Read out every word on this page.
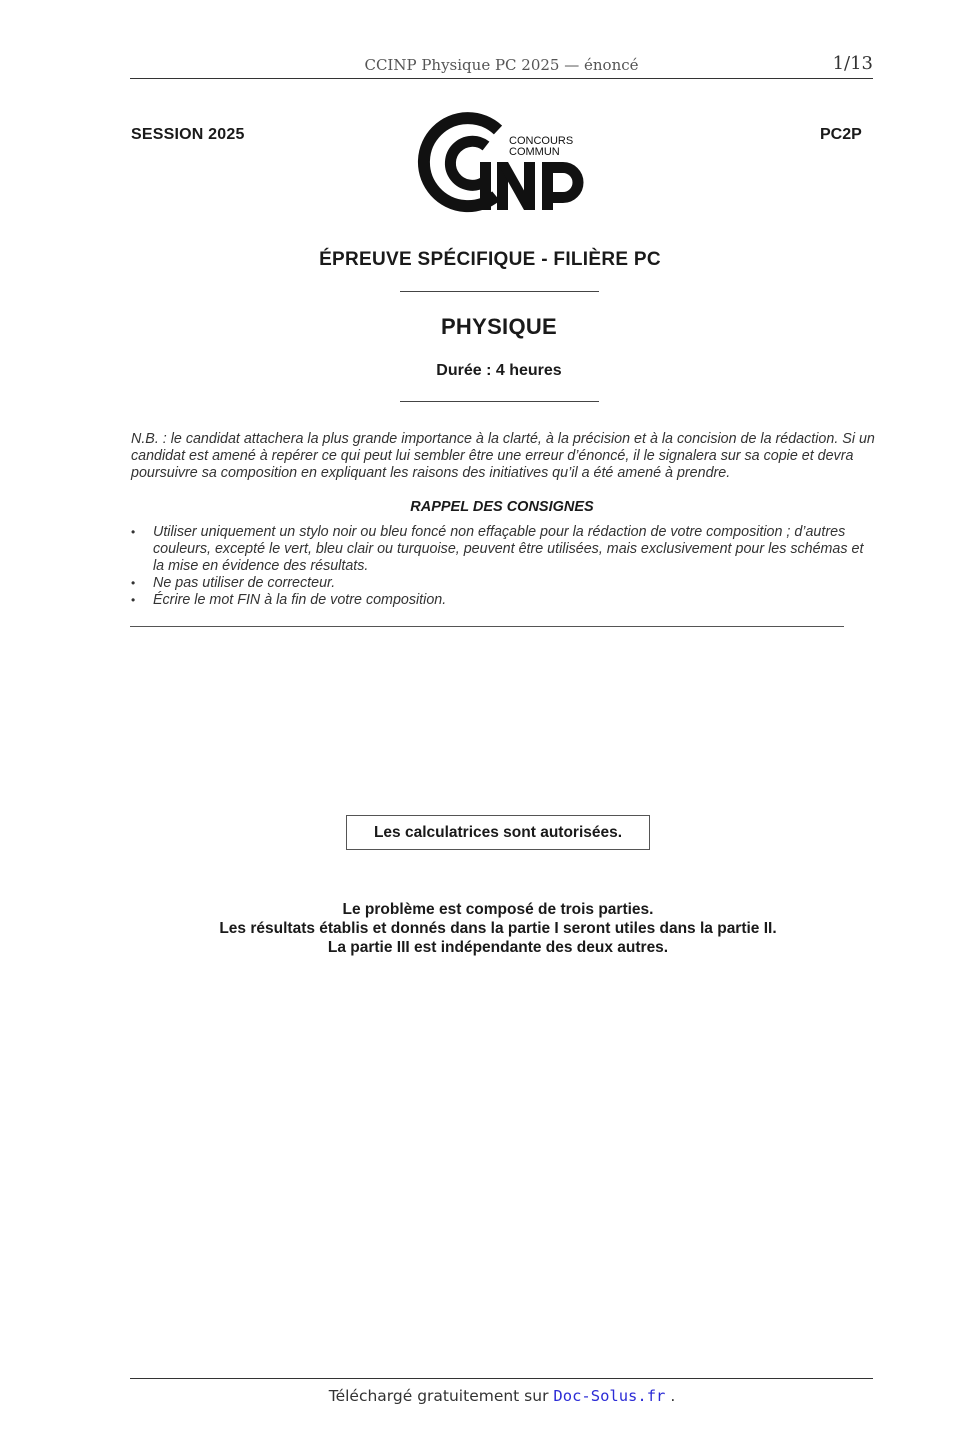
CCINP Physique PC 2025 — énoncé	1/13
SESSION 2025	PC2P
CONCOURS
COMMUN
ÉPREUVE SPÉCIFIQUE - FILIÈRE PC
PHYSIQUE
Durée : 4 heures
N.B. : le candidat attachera la plus grande importance à la clarté, à la précision et à la concision de la rédaction. Si un candidat est amené à repérer ce qui peut lui sembler être une erreur d’énoncé, il le signalera sur sa copie et devra poursuivre sa composition en expliquant les raisons des initiatives qu’il a été amené à prendre.
RAPPEL DES CONSIGNES
• Utiliser uniquement un stylo noir ou bleu foncé non effaçable pour la rédaction de votre composition ; d’autres couleurs, excepté le vert, bleu clair ou turquoise, peuvent être utilisées, mais exclusivement pour les schémas et la mise en évidence des résultats.
• Ne pas utiliser de correcteur.
• Écrire le mot FIN à la fin de votre composition.
Les calculatrices sont autorisées.
Le problème est composé de trois parties.
Les résultats établis et donnés dans la partie I seront utiles dans la partie II.
La partie III est indépendante des deux autres.
Téléchargé gratuitement sur Doc-Solus.fr .
